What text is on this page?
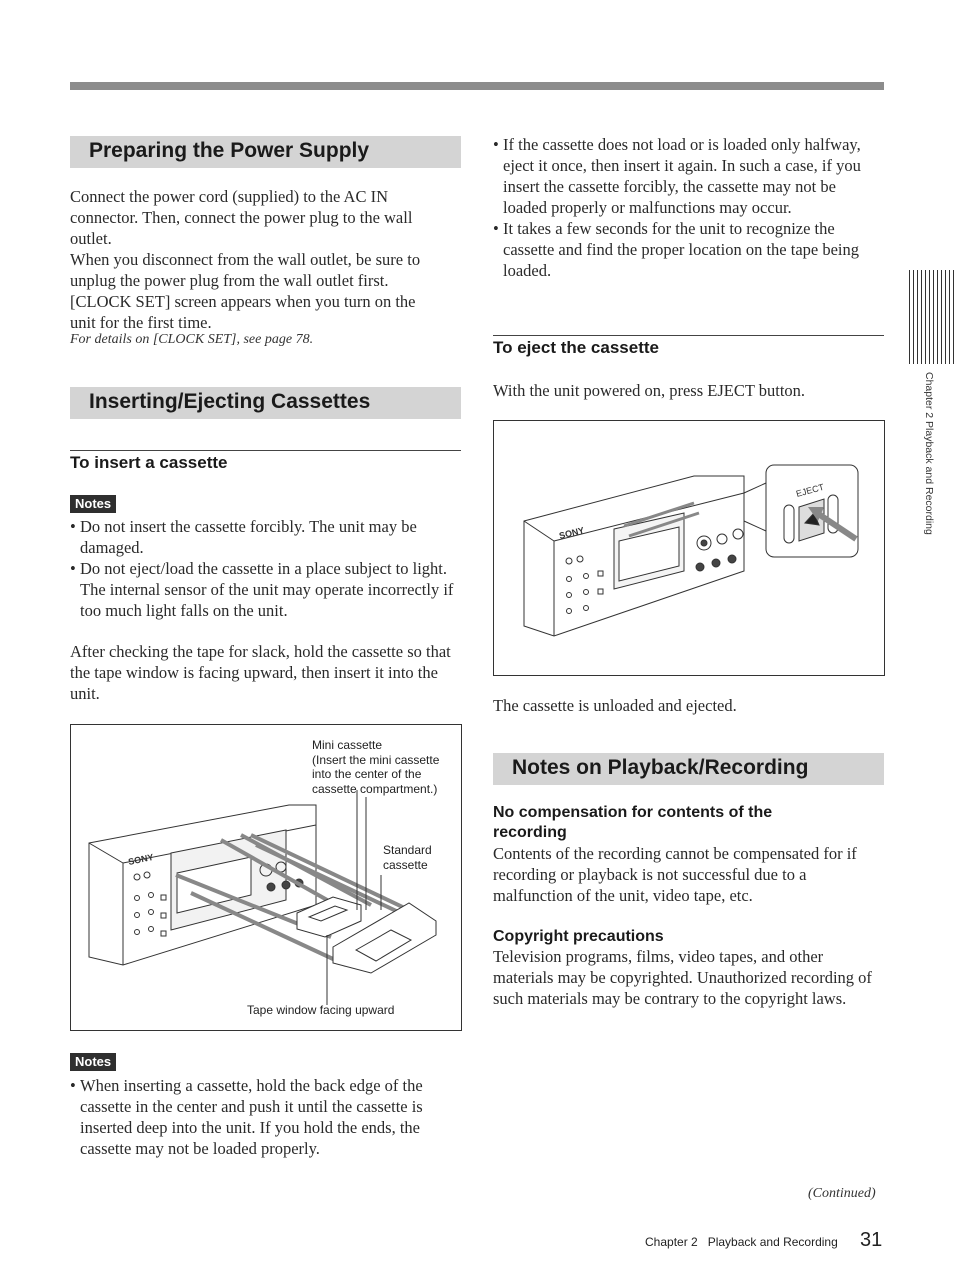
Preparing the Power Supply
Connect the power cord (supplied) to the AC IN
connector. Then, connect the power plug to the wall
outlet.
When you disconnect from the wall outlet, be sure to
unplug the power plug from the wall outlet first.
[CLOCK SET] screen appears when you turn on the
unit for the first time.
For details on [CLOCK SET], see page 78.
Inserting/Ejecting Cassettes
To insert a cassette
Notes
• Do not insert the cassette forcibly. The unit may be damaged.
• Do not eject/load the cassette in a place subject to light. The internal sensor of the unit may operate incorrectly if too much light falls on the unit.
After checking the tape for slack, hold the cassette so that the tape window is facing upward, then insert it into the unit.
SONY
Mini cassette
(Insert the mini cassette
into the center of the
cassette compartment.)
Standard
cassette
Tape window facing upward
Notes
• When inserting a cassette, hold the back edge of the cassette in the center and push it until the cassette is inserted deep into the unit. If you hold the ends, the cassette may not be loaded properly.
• If the cassette does not load or is loaded only halfway, eject it once, then insert it again. In such a case, if you insert the cassette forcibly, the cassette may not be loaded properly or malfunctions may occur.
• It takes a few seconds for the unit to recognize the cassette and find the proper location on the tape being loaded.
To eject the cassette
With the unit powered on, press EJECT button.
EJECT
SONY
The cassette is unloaded and ejected.
Notes on Playback/Recording
No compensation for contents of the recording
Contents of the recording cannot be compensated for if recording or playback is not successful due to a malfunction of the unit, video tape, etc.
Copyright precautions
Television programs, films, video tapes, and other materials may be copyrighted. Unauthorized recording of such materials may be contrary to the copyright laws.
Chapter 2 Playback and Recording
(Continued)
Chapter 2   Playback and Recording 31
